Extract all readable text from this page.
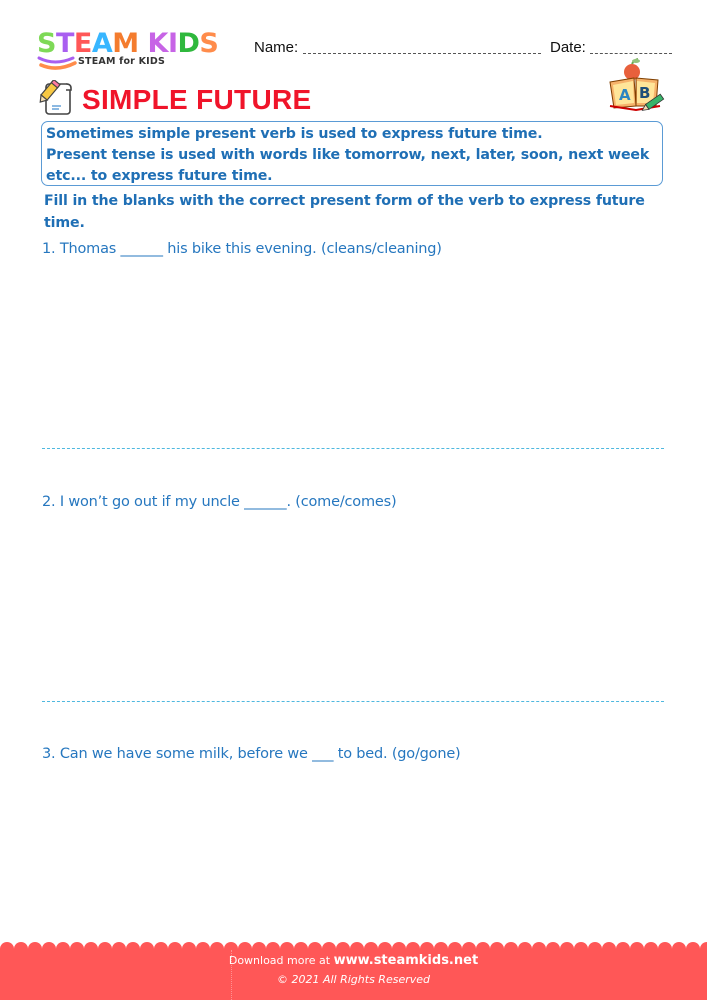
STEAM KIDS
STEAM for KIDS
Name:	Date:
SIMPLE FUTURE	A B
Sometimes simple present verb is used to express future time.
Present tense is used with words like tomorrow, next, later, soon, next week
etc... to express future time.
Fill in the blanks with the correct present form of the verb to express future time.
1. Thomas ______ his bike this evening. (cleans/cleaning)
2. I won’t go out if my uncle ______. (come/comes)
3. Can we have some milk, before we ___ to bed. (go/gone)
Download more at www.steamkids.net
© 2021 All Rights Reserved
